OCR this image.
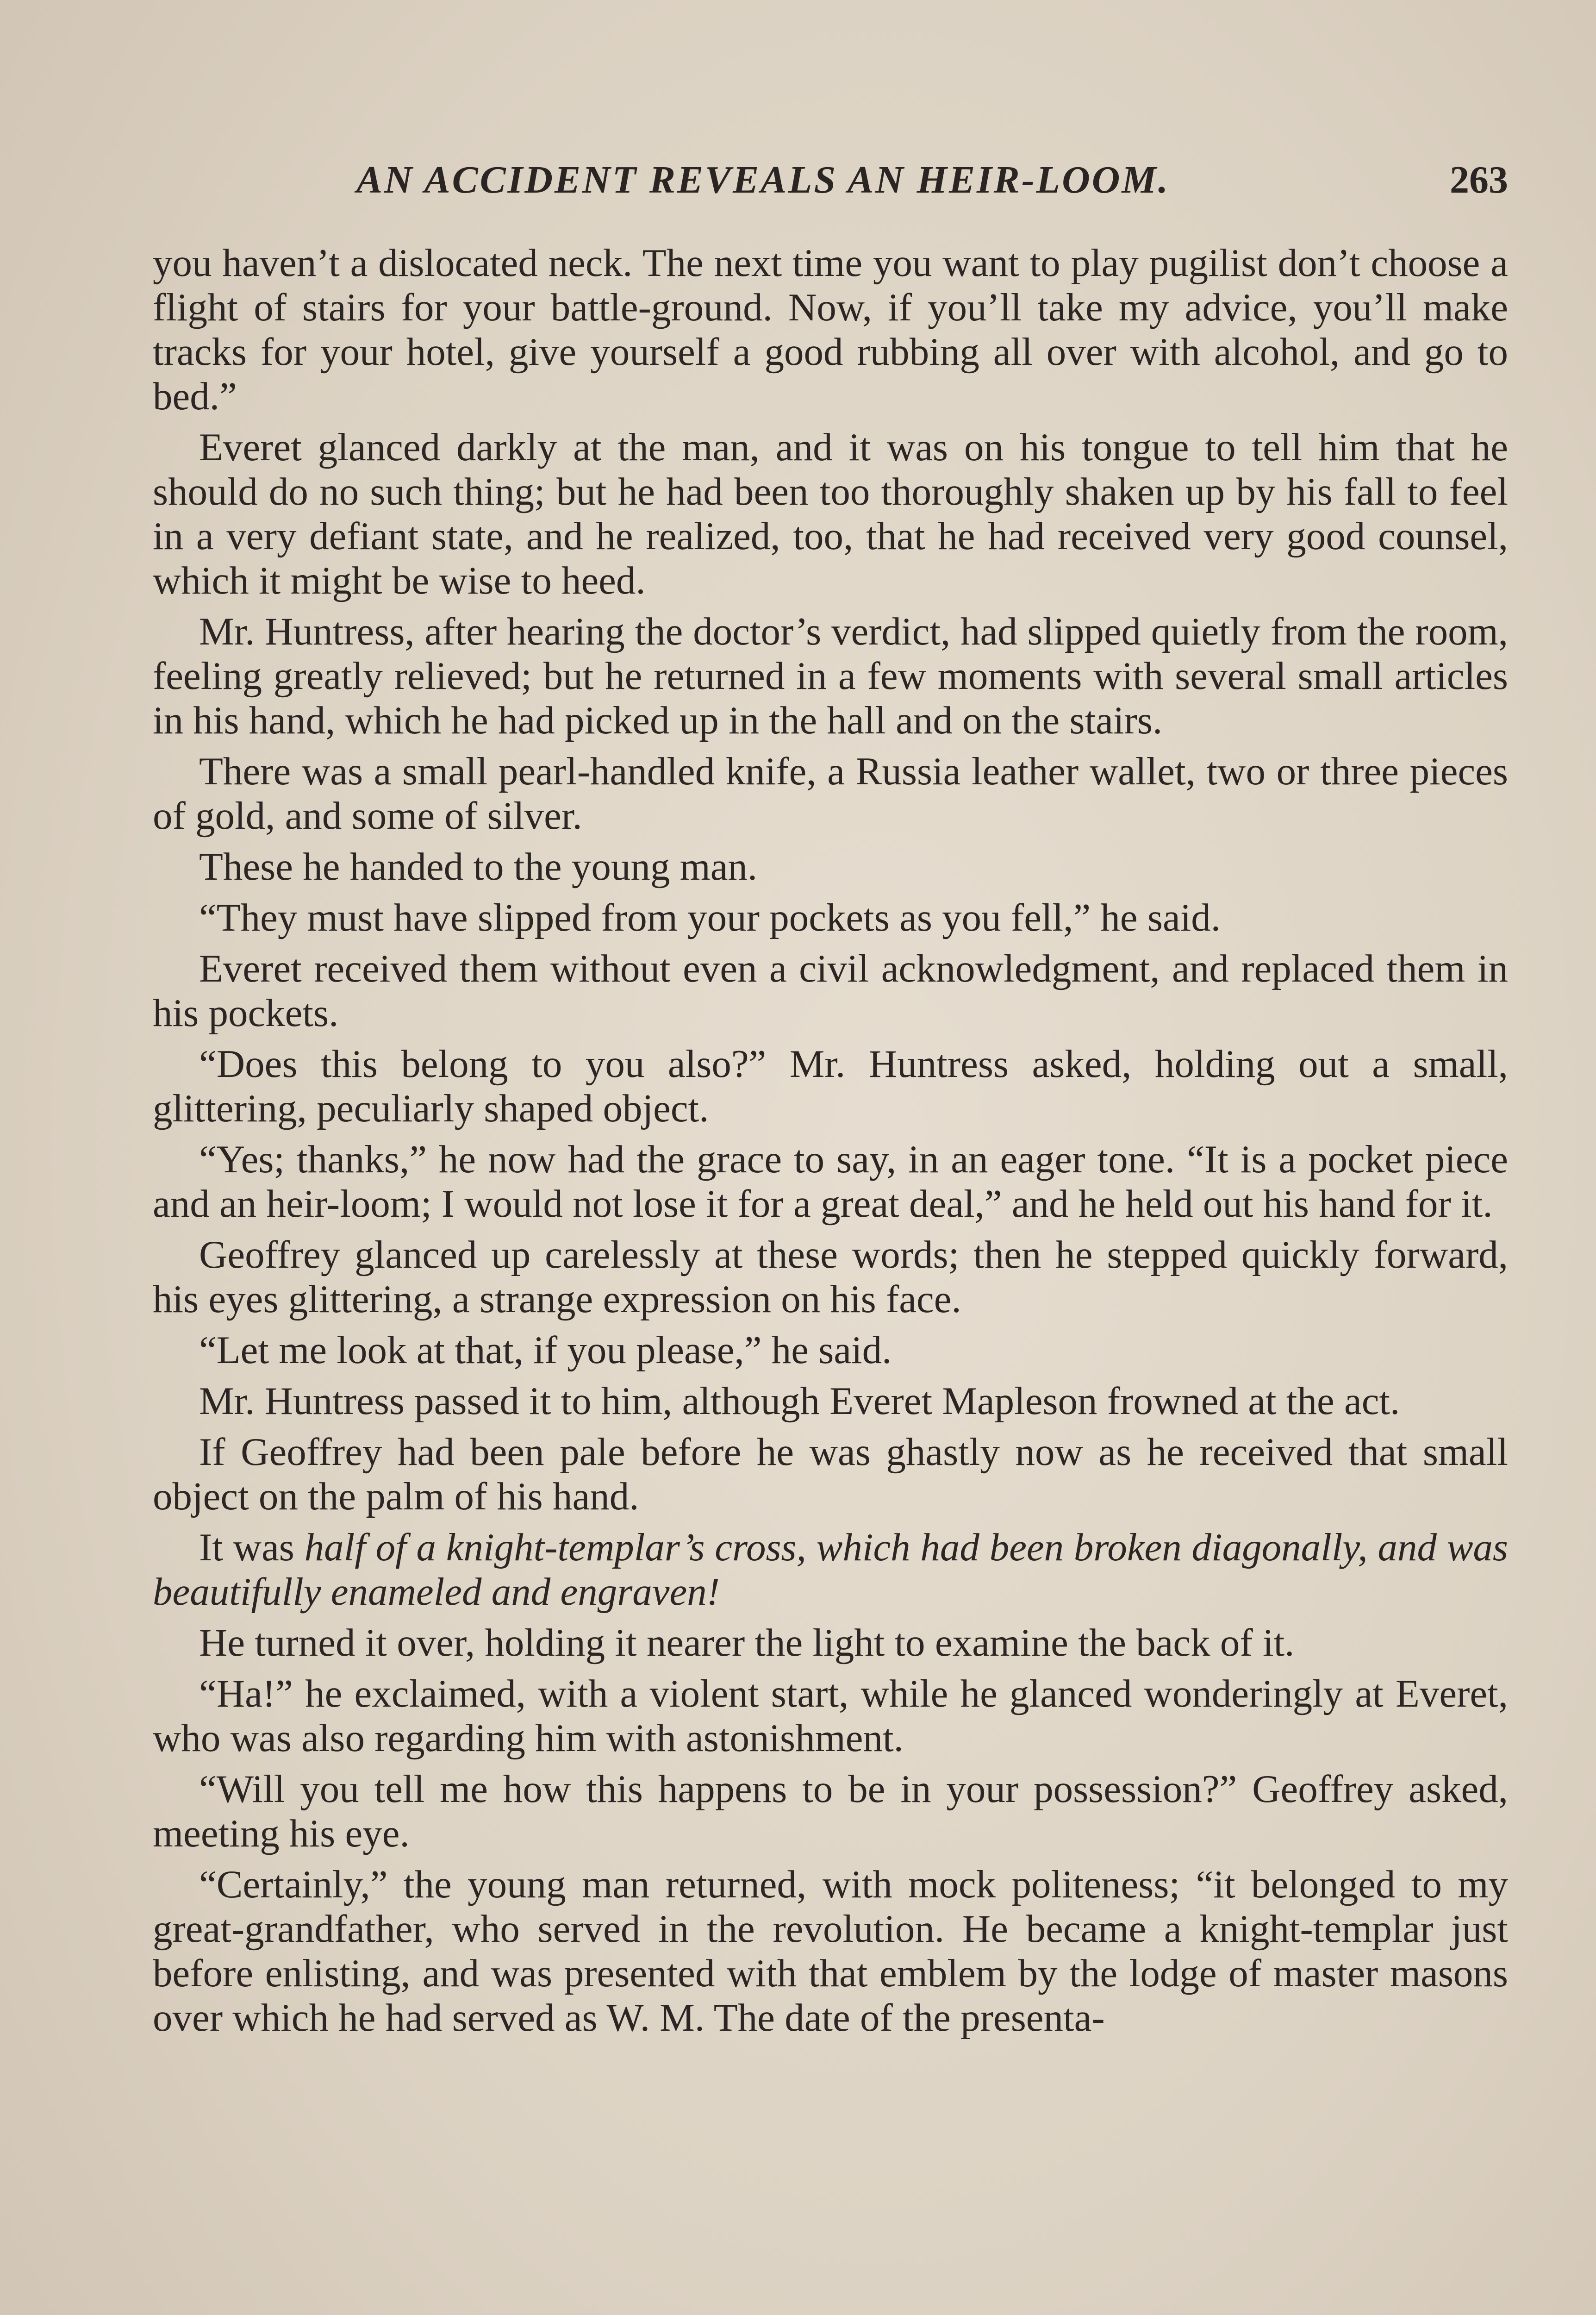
AN ACCIDENT REVEALS AN HEIR-LOOM.	263

you haven’t a dislocated neck. The next time you want to play pugilist don’t choose a flight of stairs for your battle-ground. Now, if you’ll take my advice, you’ll make tracks for your hotel, give yourself a good rubbing all over with alcohol, and go to bed.”

Everet glanced darkly at the man, and it was on his tongue to tell him that he should do no such thing; but he had been too thoroughly shaken up by his fall to feel in a very defiant state, and he realized, too, that he had received very good counsel, which it might be wise to heed.

Mr. Huntress, after hearing the doctor’s verdict, had slipped quietly from the room, feeling greatly relieved; but he returned in a few moments with several small articles in his hand, which he had picked up in the hall and on the stairs.

There was a small pearl-handled knife, a Russia leather wallet, two or three pieces of gold, and some of silver.

These he handed to the young man.

“They must have slipped from your pockets as you fell,” he said.

Everet received them without even a civil acknowledgment, and replaced them in his pockets.

“Does this belong to you also?” Mr. Huntress asked, holding out a small, glittering, peculiarly shaped object.

“Yes; thanks,” he now had the grace to say, in an eager tone. “It is a pocket piece and an heir-loom; I would not lose it for a great deal,” and he held out his hand for it.

Geoffrey glanced up carelessly at these words; then he stepped quickly forward, his eyes glittering, a strange expression on his face.

“Let me look at that, if you please,” he said.

Mr. Huntress passed it to him, although Everet Mapleson frowned at the act.

If Geoffrey had been pale before he was ghastly now as he received that small object on the palm of his hand.

It was half of a knight-templar’s cross, which had been broken diagonally, and was beautifully enameled and engraven!

He turned it over, holding it nearer the light to examine the back of it.

“Ha!” he exclaimed, with a violent start, while he glanced wonderingly at Everet, who was also regarding him with astonishment.

“Will you tell me how this happens to be in your possession?” Geoffrey asked, meeting his eye.

“Certainly,” the young man returned, with mock politeness; “it belonged to my great-grandfather, who served in the revolution. He became a knight-templar just before enlisting, and was presented with that emblem by the lodge of master masons over which he had served as W. M. The date of the presenta-
